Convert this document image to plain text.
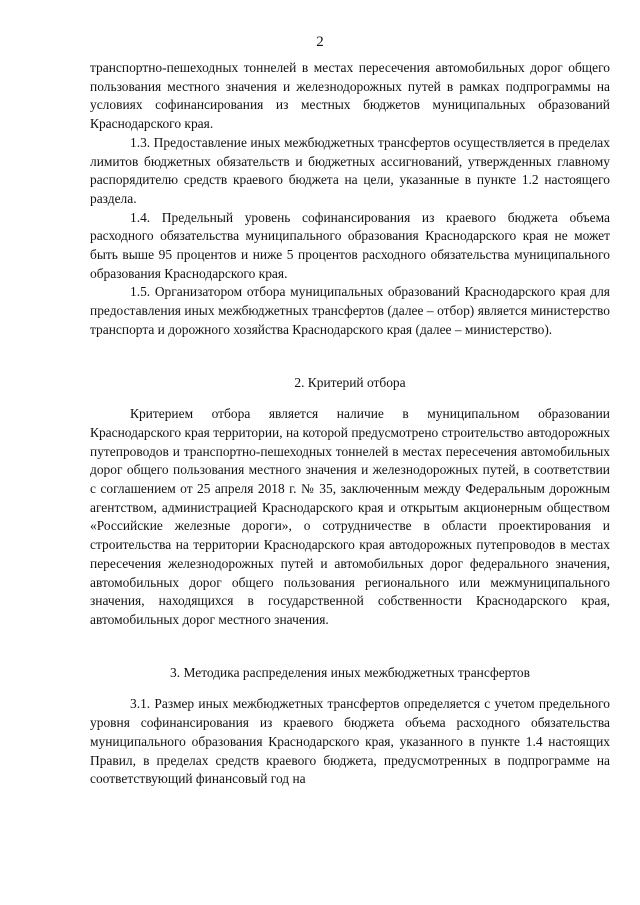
2

транспортно-пешеходных тоннелей в местах пересечения автомобильных дорог общего пользования местного значения и железнодорожных путей в рамках подпрограммы на условиях софинансирования из местных бюджетов муниципальных образований Краснодарского края.

1.3. Предоставление иных межбюджетных трансфертов осуществляется в пределах лимитов бюджетных обязательств и бюджетных ассигнований, утвержденных главному распорядителю средств краевого бюджета на цели, указанные в пункте 1.2 настоящего раздела.

1.4. Предельный уровень софинансирования из краевого бюджета объема расходного обязательства муниципального образования Краснодарского края не может быть выше 95 процентов и ниже 5 процентов расходного обязательства муниципального образования Краснодарского края.

1.5. Организатором отбора муниципальных образований Краснодарского края для предоставления иных межбюджетных трансфертов (далее – отбор) является министерство транспорта и дорожного хозяйства Краснодарского края (далее – министерство).

2. Критерий отбора

Критерием отбора является наличие в муниципальном образовании Краснодарского края территории, на которой предусмотрено строительство автодорожных путепроводов и транспортно-пешеходных тоннелей в местах пересечения автомобильных дорог общего пользования местного значения и железнодорожных путей, в соответствии с соглашением от 25 апреля 2018 г. № 35, заключенным между Федеральным дорожным агентством, администрацией Краснодарского края и открытым акционерным обществом «Российские железные дороги», о сотрудничестве в области проектирования и строительства на территории Краснодарского края автодорожных путепроводов в местах пересечения железнодорожных путей и автомобильных дорог федерального значения, автомобильных дорог общего пользования регионального или межмуниципального значения, находящихся в государственной собственности Краснодарского края, автомобильных дорог местного значения.

3. Методика распределения иных межбюджетных трансфертов

3.1. Размер иных межбюджетных трансфертов определяется с учетом предельного уровня софинансирования из краевого бюджета объема расходного обязательства муниципального образования Краснодарского края, указанного в пункте 1.4 настоящих Правил, в пределах средств краевого бюджета, предусмотренных в подпрограмме на соответствующий финансовый год на
